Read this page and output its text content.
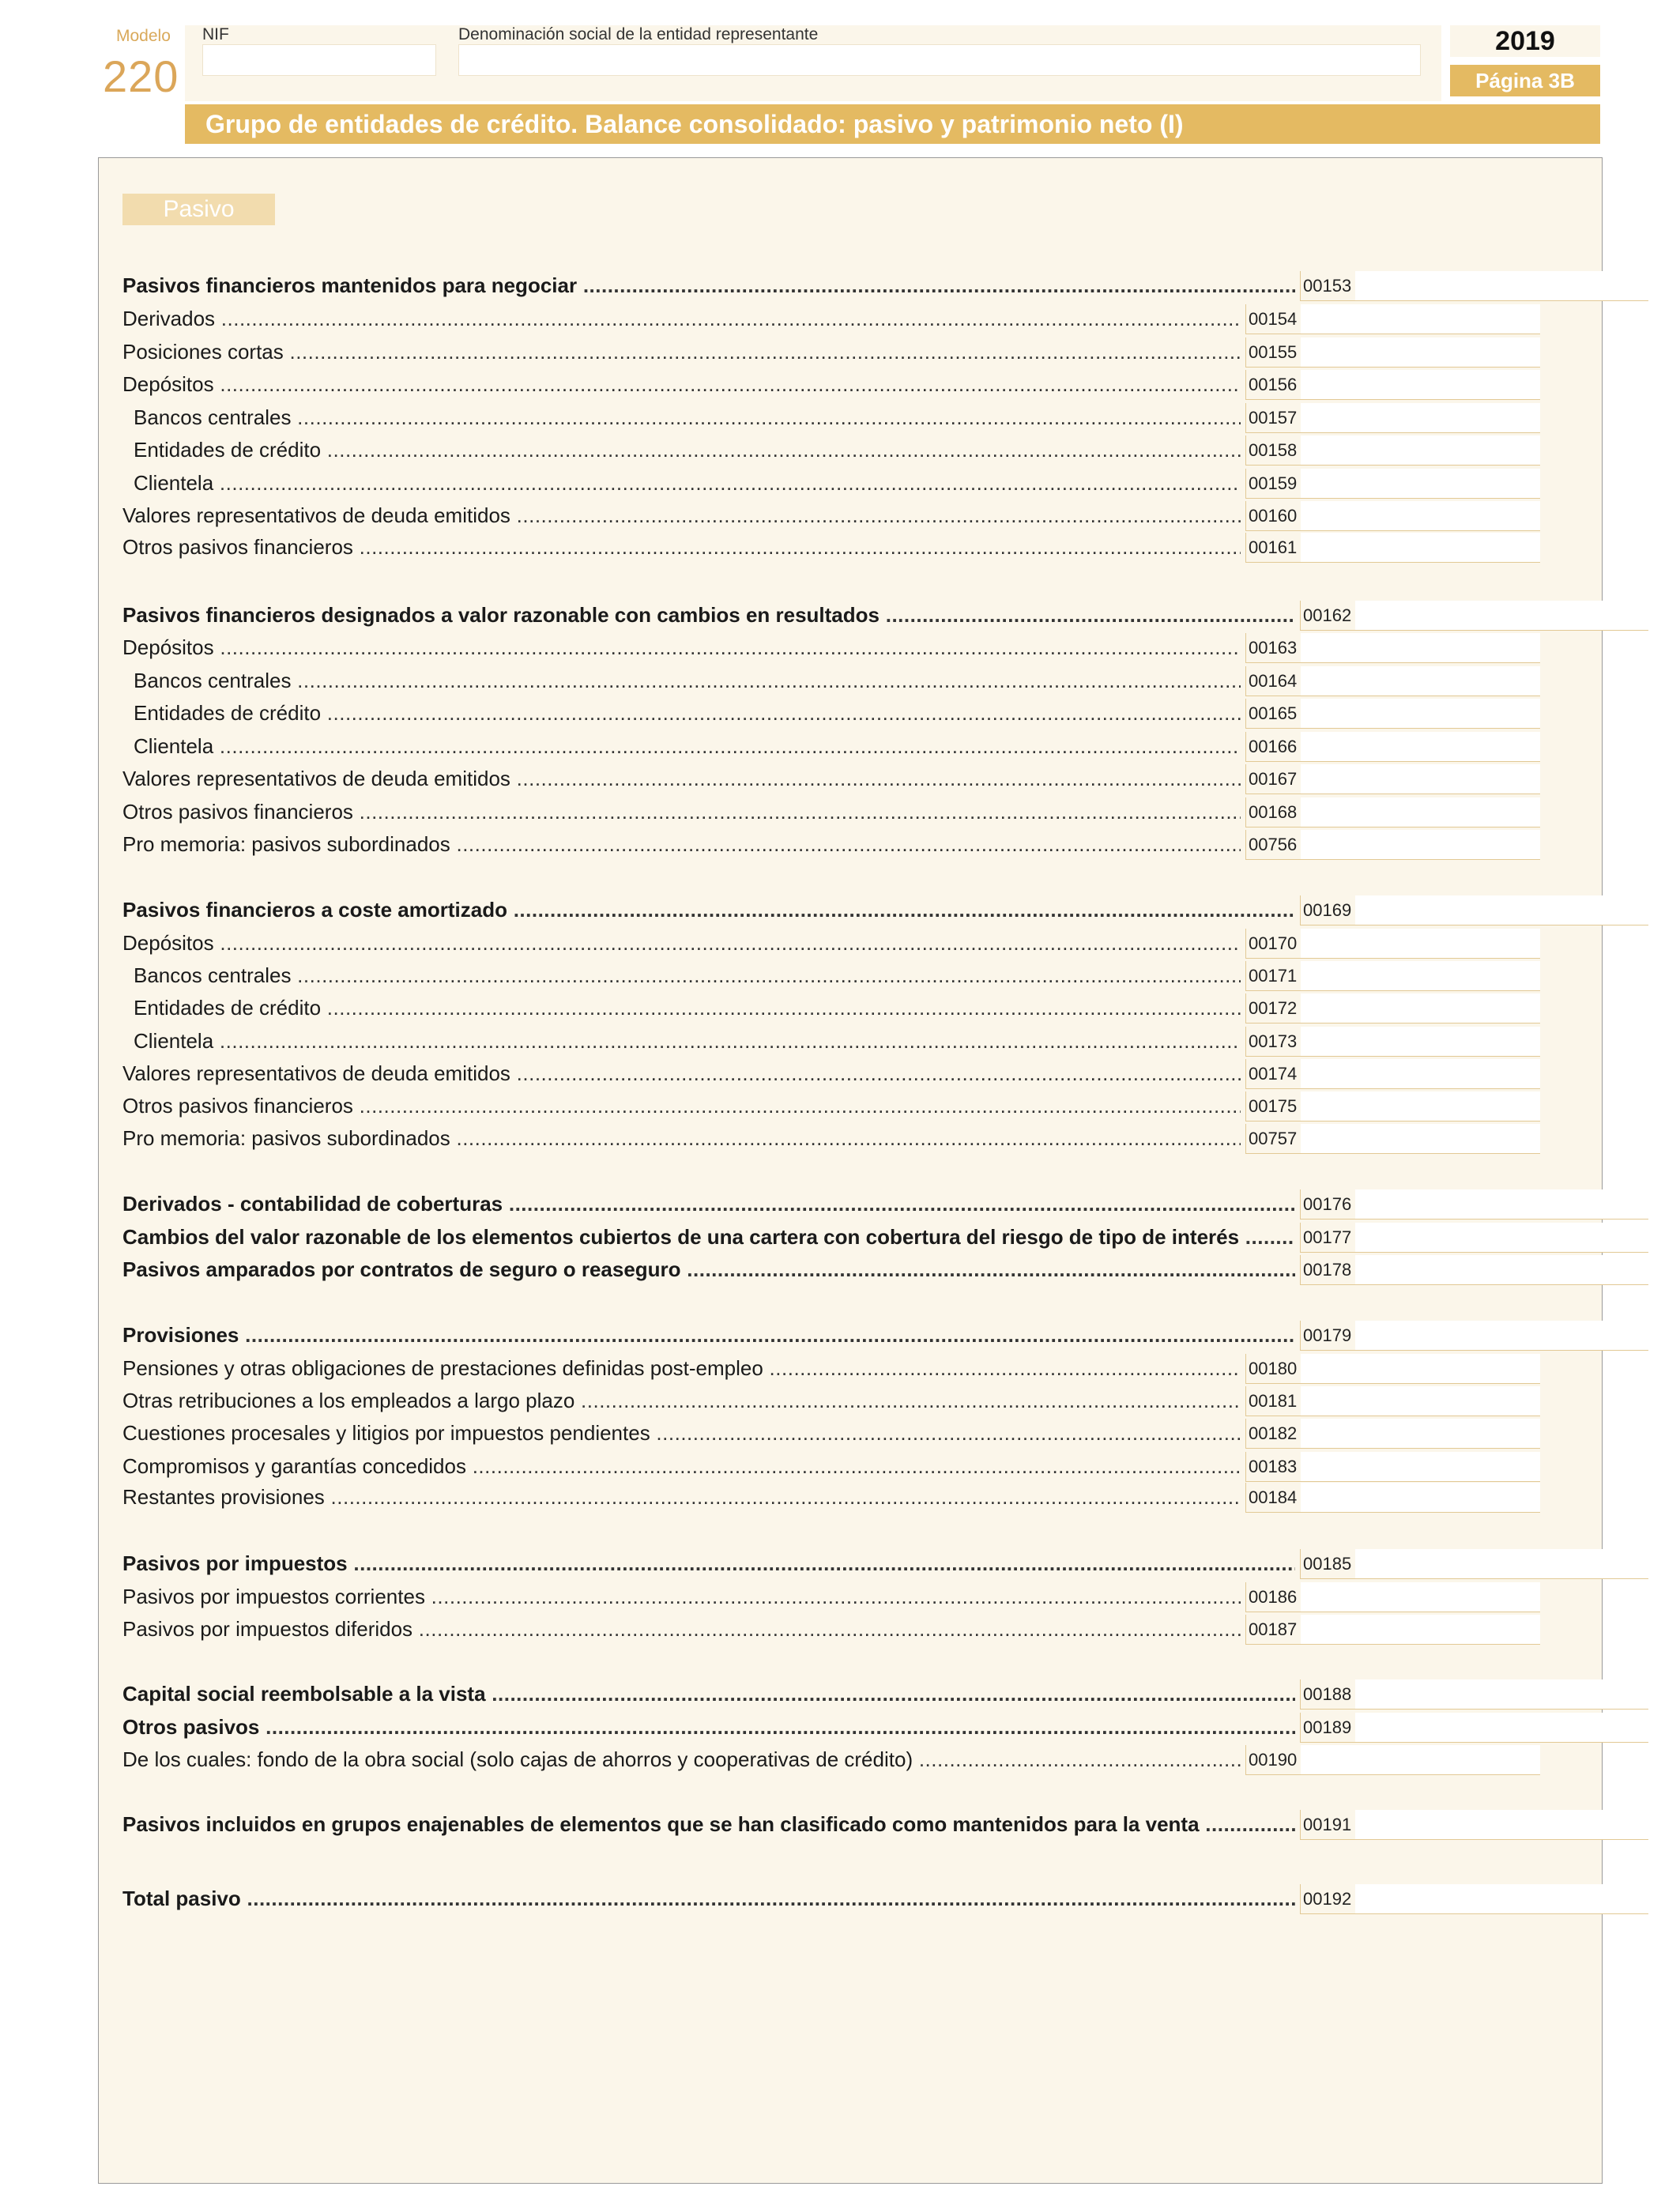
Modelo
220
NIF	Denominación social de la entidad representante	2019
Página 3B
Grupo de entidades de crédito. Balance consolidado: pasivo y patrimonio neto (I)
Pasivo
Pasivos financieros mantenidos para negociar .....	00153
Derivados .....	00154
Posiciones cortas .....	00155
Depósitos .....	00156
Bancos centrales .....	00157
Entidades de crédito .....	00158
Clientela .....	00159
Valores representativos de deuda emitidos .....	00160
Otros pasivos financieros .....	00161
Pasivos financieros designados a valor razonable con cambios en resultados .....	00162
Depósitos .....	00163
Bancos centrales .....	00164
Entidades de crédito .....	00165
Clientela .....	00166
Valores representativos de deuda emitidos .....	00167
Otros pasivos financieros .....	00168
Pro memoria: pasivos subordinados .....	00756
Pasivos financieros a coste amortizado .....	00169
Depósitos .....	00170
Bancos centrales .....	00171
Entidades de crédito .....	00172
Clientela .....	00173
Valores representativos de deuda emitidos .....	00174
Otros pasivos financieros .....	00175
Pro memoria: pasivos subordinados .....	00757
Derivados - contabilidad de coberturas .....	00176
Cambios del valor razonable de los elementos cubiertos de una cartera con cobertura del riesgo de tipo de interés .....	00177
Pasivos amparados por contratos de seguro o reaseguro .....	00178
Provisiones .....	00179
Pensiones y otras obligaciones de prestaciones definidas post-empleo .....	00180
Otras retribuciones a los empleados a largo plazo .....	00181
Cuestiones procesales y litigios por impuestos pendientes .....	00182
Compromisos y garantías concedidos .....	00183
Restantes provisiones .....	00184
Pasivos por impuestos .....	00185
Pasivos por impuestos corrientes .....	00186
Pasivos por impuestos diferidos .....	00187
Capital social reembolsable a la vista .....	00188
Otros pasivos .....	00189
De los cuales: fondo de la obra social (solo cajas de ahorros y cooperativas de crédito) .....	00190
Pasivos incluidos en grupos enajenables de elementos que se han clasificado como mantenidos para la venta .....	00191
Total pasivo .....	00192
